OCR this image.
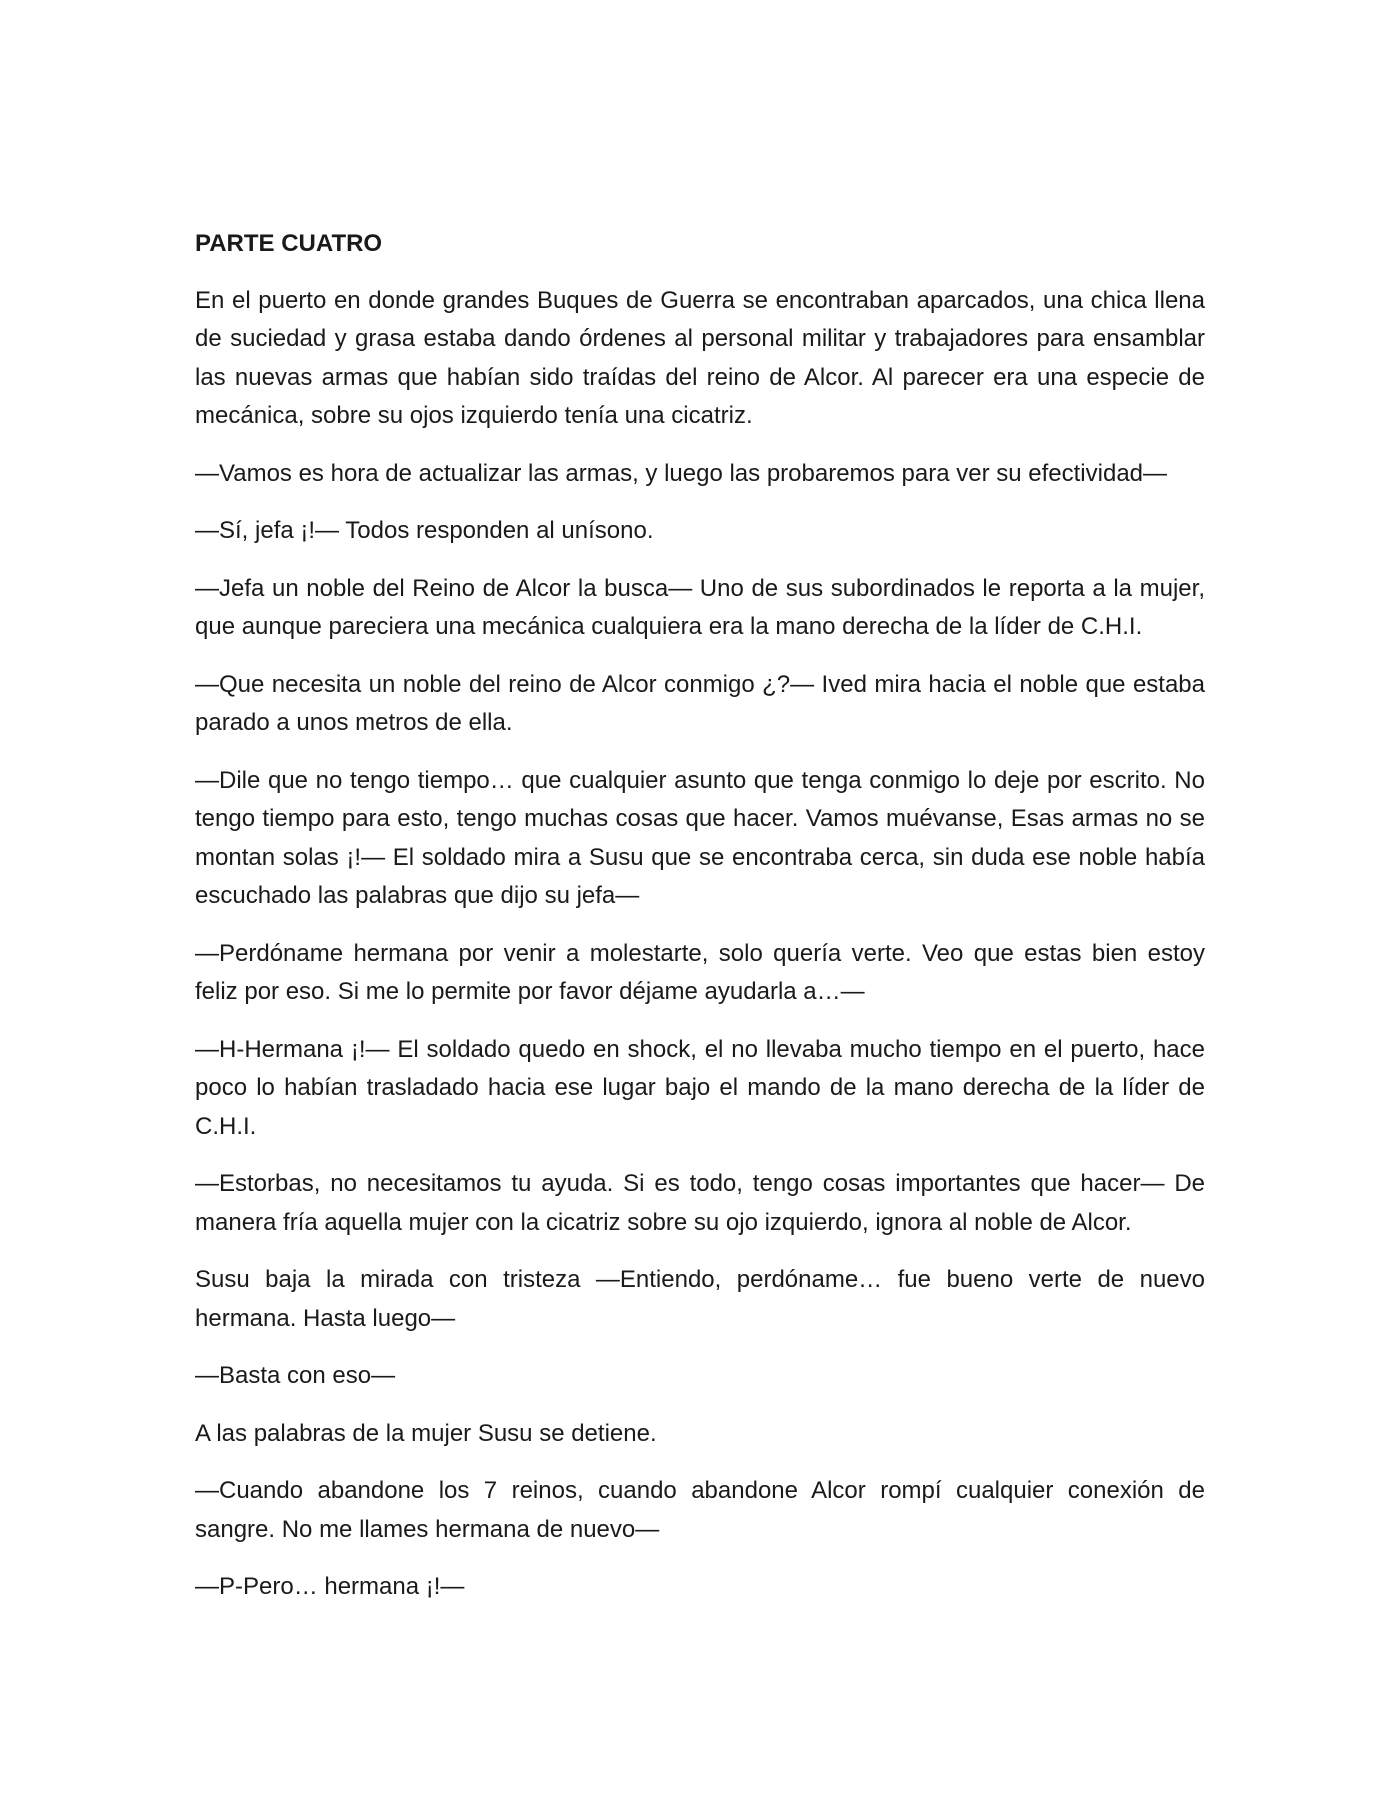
PARTE CUATRO

En el puerto en donde grandes Buques de Guerra se encontraban aparcados, una chica llena de suciedad y grasa estaba dando órdenes al personal militar y trabajadores para ensamblar las nuevas armas que habían sido traídas del reino de Alcor. Al parecer era una especie de mecánica, sobre su ojos izquierdo tenía una cicatriz.

—Vamos es hora de actualizar las armas, y luego las probaremos para ver su efectividad—

—Sí, jefa ¡!— Todos responden al unísono.

—Jefa un noble del Reino de Alcor la busca— Uno de sus subordinados le reporta a la mujer, que aunque pareciera una mecánica cualquiera era la mano derecha de la líder de C.H.I.

—Que necesita un noble del reino de Alcor conmigo ¿?— Ived mira hacia el noble que estaba parado a unos metros de ella.

—Dile que no tengo tiempo… que cualquier asunto que tenga conmigo lo deje por escrito. No tengo tiempo para esto, tengo muchas cosas que hacer. Vamos muévanse, Esas armas no se montan solas ¡!— El soldado mira a Susu que se encontraba cerca, sin duda ese noble había escuchado las palabras que dijo su jefa—

—Perdóname hermana por venir a molestarte, solo quería verte. Veo que estas bien estoy feliz por eso. Si me lo permite por favor déjame ayudarla a…—

—H-Hermana ¡!— El soldado quedo en shock, el no llevaba mucho tiempo en el puerto, hace poco lo habían trasladado hacia ese lugar bajo el mando de la mano derecha de la líder de C.H.I.

—Estorbas, no necesitamos tu ayuda. Si es todo, tengo cosas importantes que hacer— De manera fría aquella mujer con la cicatriz sobre su ojo izquierdo, ignora al noble de Alcor.

Susu baja la mirada con tristeza —Entiendo, perdóname… fue bueno verte de nuevo hermana. Hasta luego—

—Basta con eso—

A las palabras de la mujer Susu se detiene.

—Cuando abandone los 7 reinos, cuando abandone Alcor rompí cualquier conexión de sangre. No me llames hermana de nuevo—

—P-Pero… hermana ¡!—
